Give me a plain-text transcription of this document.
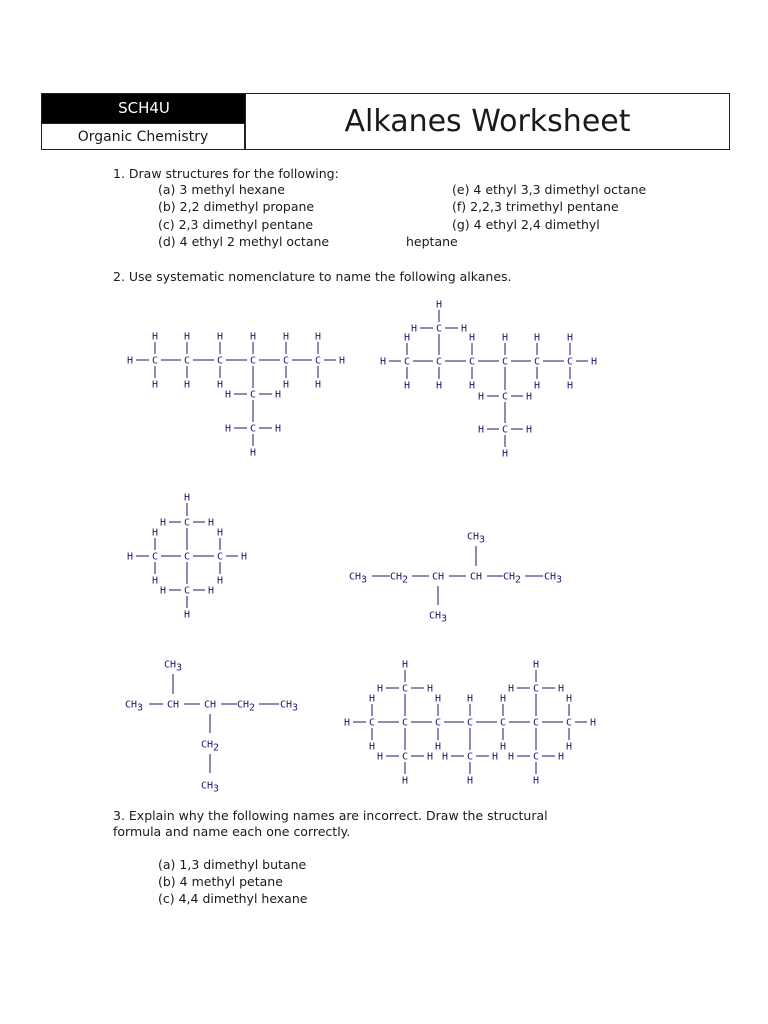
SCH4U
Organic Chemistry	Alkanes Worksheet
1. Draw structures for the following:
(a) 3 methyl hexane
(b) 2,2 dimethyl propane
(c) 2,3 dimethyl pentane
(d) 4 ethyl 2 methyl octane
(e) 4 ethyl 3,3 dimethyl octane
(f) 2,2,3 trimethyl pentane
(g) 4 ethyl 2,4 dimethyl
heptane
2. Use systematic nomenclature to name the following alkanes.
H C
H
H
C
H
H
C
H
H
C
H
C
H
H
C
H
H
H
C
H	H
C
H	H
H
H C
H
H
C
H
C
H
H
C
H
C
H
H
C
H
H
H
C
H	H
H
C
H	H
C
H	H
H
H C	C	C H
H	H
H	H
C
H	H
H
C
H	H
H
CH3 CH2 CH	CH CH2 CH3
CH3
CH3
CH3 CH CH CH2 CH3
CH3
CH2
CH3
H C
H
H
C	C
H
H
C
H
C
H
H
C	C
H
H
H
C
H	H
H
C
H	H
H
C
H	H
H
C
H	H
H
C
H	H
H
3. Explain why the following names are incorrect. Draw the structural
formula and name each one correctly.
(a) 1,3 dimethyl butane
(b) 4 methyl petane
(c) 4,4 dimethyl hexane
